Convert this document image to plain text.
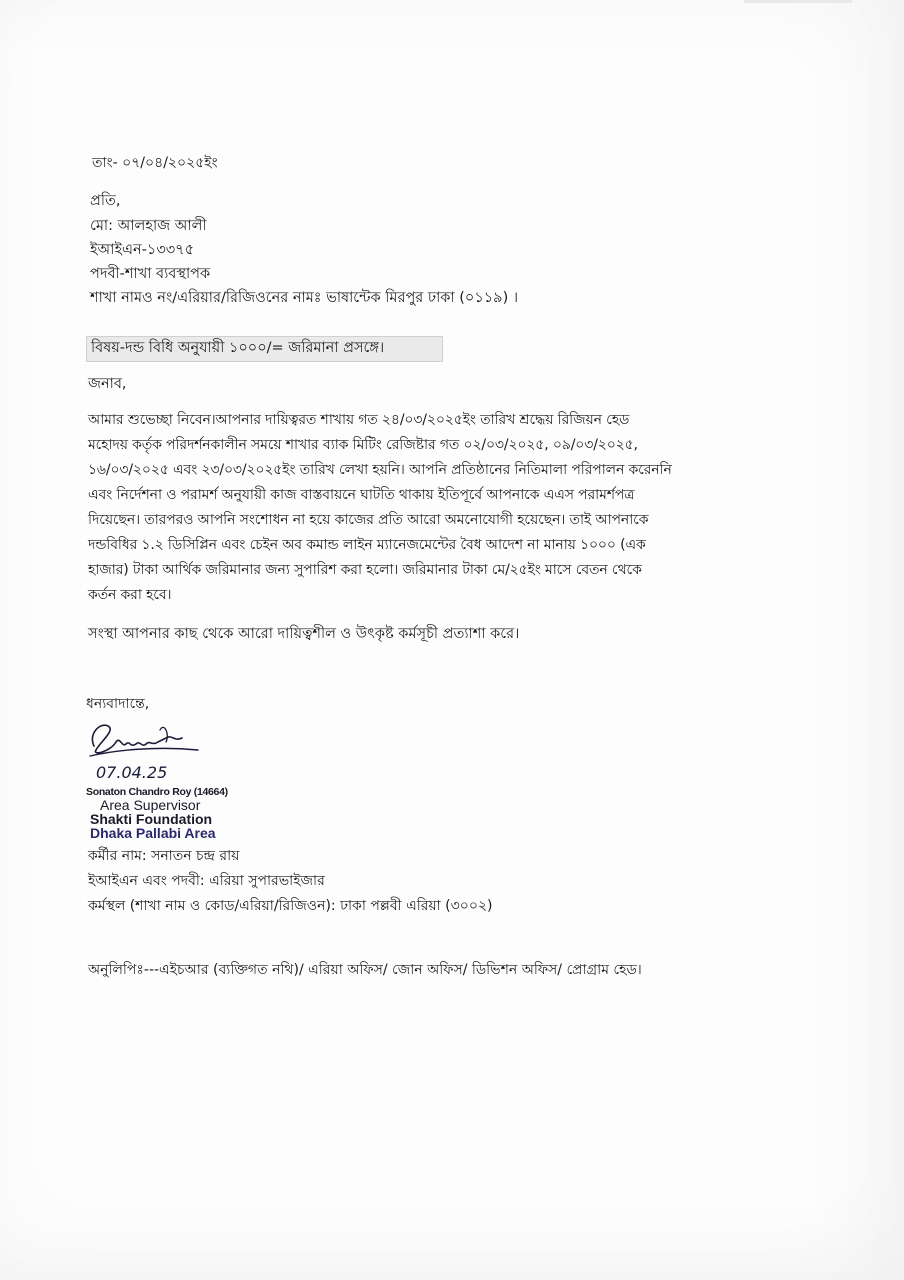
তাং- ০৭/০৪/২০২৫ইং
প্রতি,
মো: আলহাজ আলী
ইআইএন-১৩৩৭৫
পদবী-শাখা ব্যবস্থাপক
শাখা নামও নং/এরিয়ার/রিজিওনের নামঃ ভাষান্টেক মিরপুর ঢাকা (০১১৯) ।
বিষয়-দন্ড বিধি অনুযায়ী ১০০০/= জরিমানা প্রসঙ্গে।
জনাব,
আমার শুভেচ্ছা নিবেন।আপনার দায়িত্বরত শাখায় গত ২৪/০৩/২০২৫ইং তারিখ শ্রদ্ধেয় রিজিয়ন হেড
মহোদয় কর্তৃক পরিদর্শনকালীন সময়ে শাখার ব্যাক মিটিং রেজিষ্টার গত ০২/০৩/২০২৫, ০৯/০৩/২০২৫,
১৬/০৩/২০২৫ এবং ২৩/০৩/২০২৫ইং তারিখ লেখা হয়নি। আপনি প্রতিষ্ঠানের নিতিমালা পরিপালন করেননি
এবং নির্দেশনা ও পরামর্শ অনুযায়ী কাজ বাস্তবায়নে ঘাটতি থাকায় ইতিপূর্বে আপনাকে এএস পরামর্শপত্র
দিয়েছেন। তারপরও আপনি সংশোধন না হয়ে কাজের প্রতি আরো অমনোযোগী হয়েছেন। তাই আপনাকে
দন্ডবিধির ১.২ ডিসিপ্লিন এবং চেইন অব কমান্ড লাইন ম্যানেজমেন্টের বৈধ আদেশ না মানায় ১০০০ (এক
হাজার) টাকা আর্থিক জরিমানার জন্য সুপারিশ করা হলো। জরিমানার টাকা মে/২৫ইং মাসে বেতন থেকে
কর্তন করা হবে।
সংস্থা আপনার কাছ থেকে আরো দায়িত্বশীল ও উৎকৃষ্ট কর্মসূচী প্রত্যাশা করে।
ধন্যবাদান্তে,
07.04.25
Sonaton Chandro Roy (14664)
Area Supervisor
Shakti Foundation
Dhaka Pallabi Area
কর্মীর নাম: সনাতন চন্দ্র রায়
ইআইএন এবং পদবী: এরিয়া সুপারভাইজার
কর্মস্থল (শাখা নাম ও কোড/এরিয়া/রিজিওন): ঢাকা পল্লবী এরিয়া (৩০০২)
অনুলিপিঃ---এইচআর (ব্যক্তিগত নথি)/ এরিয়া অফিস/ জোন অফিস/ ডিভিশন অফিস/ প্রোগ্রাম হেড।
